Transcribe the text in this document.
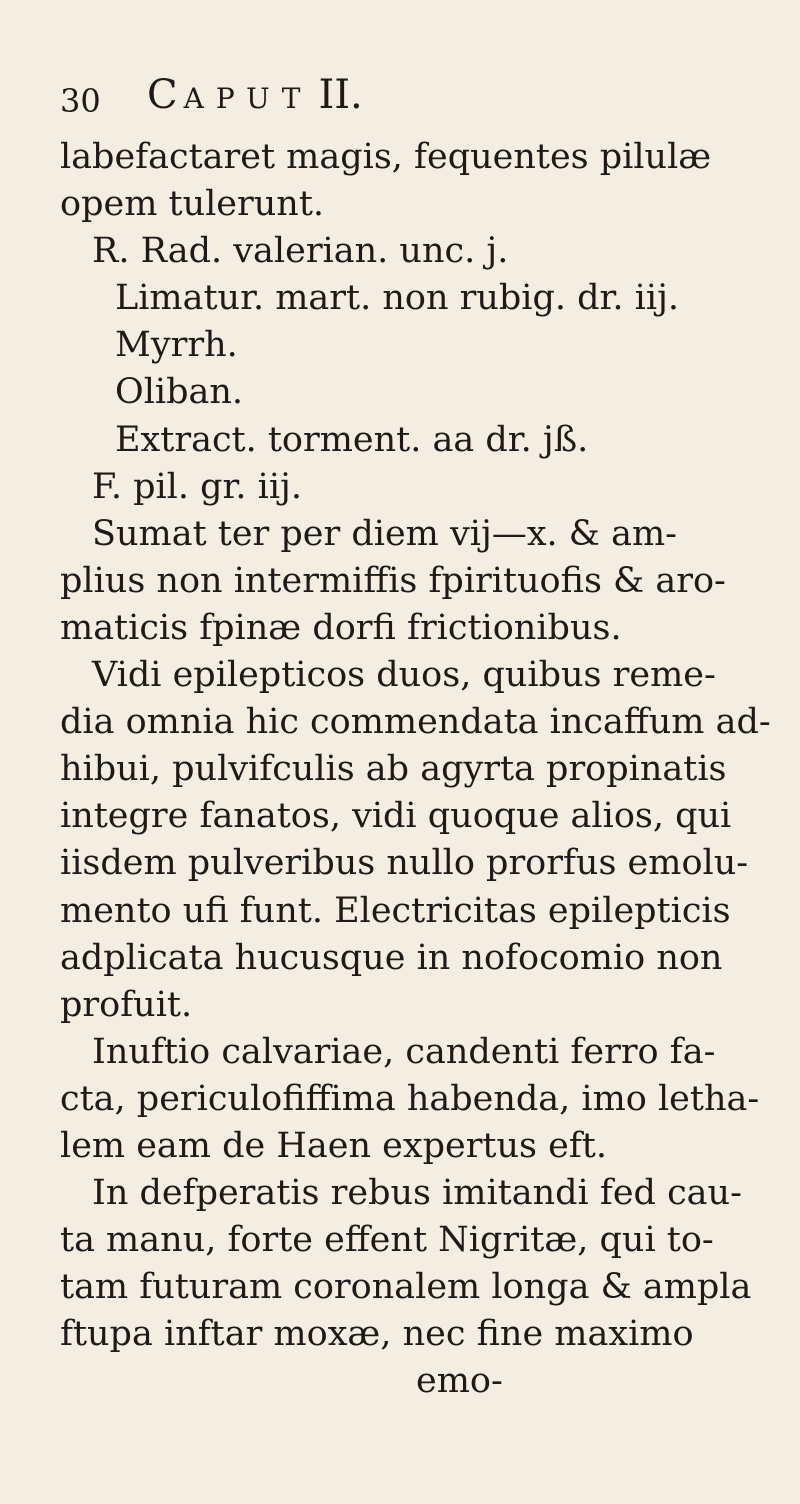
30 C APUT II.
labefactaret magis, fequentes pilulæ
opem tulerunt.
R. Rad. valerian. unc. j.
Limatur. mart. non rubig. dr. iij.
Myrrh.
Oliban.
Extract. torment. aa dr. jß.
F. pil. gr. iij.
Sumat ter per diem vij—x. & am-
plius non intermiffis fpirituofis & aro-
maticis fpinæ dorfi frictionibus.
Vidi epilepticos duos, quibus reme-
dia omnia hic commendata incaffum ad-
hibui, pulvifculis ab agyrta propinatis
integre fanatos, vidi quoque alios, qui
iisdem pulveribus nullo prorfus emolu-
mento ufi funt. Electricitas epilepticis
adplicata hucusque in nofocomio non
profuit.
Inuftio calvariae, candenti ferro fa-
cta, periculofiffima habenda, imo letha-
lem eam de Haen expertus eft.
In defperatis rebus imitandi fed cau-
ta manu, forte effent Nigritæ, qui to-
tam futuram coronalem longa & ampla
ftupa inftar moxæ, nec fine maximo
emo-
